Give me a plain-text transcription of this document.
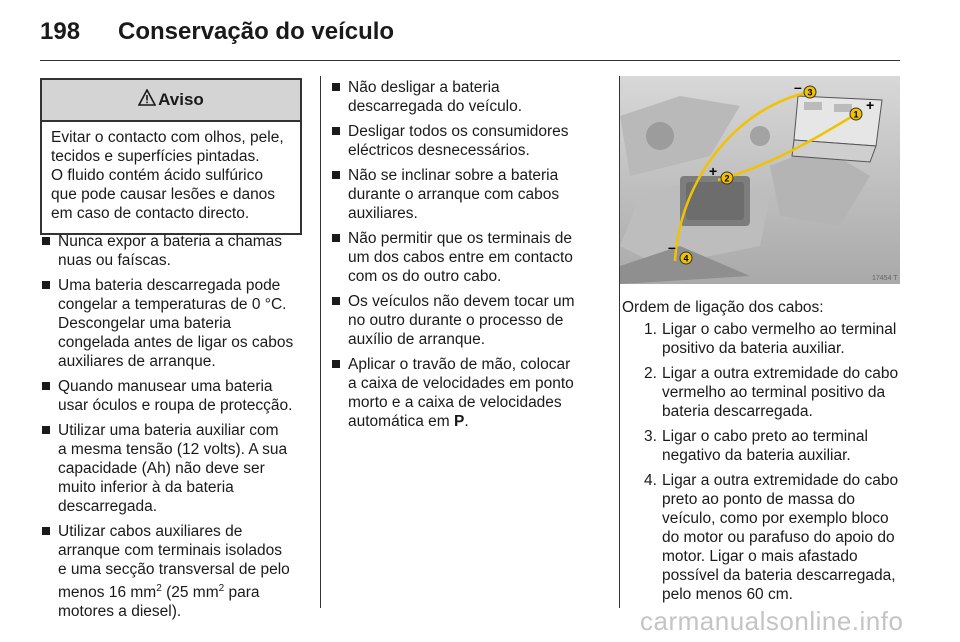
198 Conservação do veículo
Aviso
Evitar o contacto com olhos, pele,
tecidos e superfícies pintadas.
O fluido contém ácido sulfúrico
que pode causar lesões e danos
em caso de contacto directo.
Nunca expor a bateria a chamas
nuas ou faíscas.
Uma bateria descarregada pode
congelar a temperaturas de 0 °C.
Descongelar uma bateria
congelada antes de ligar os cabos
auxiliares de arranque.
Quando manusear uma bateria
usar óculos e roupa de protecção.
Utilizar uma bateria auxiliar com
a mesma tensão (12 volts). A sua
capacidade (Ah) não deve ser
muito inferior à da bateria
descarregada.
Utilizar cabos auxiliares de
arranque com terminais isolados
e uma secção transversal de pelo
menos 16 $mm^2$ (25 $mm^2$ para
motores a diesel).
Não desligar a bateria
descarregada do veículo.
Desligar todos os consumidores
eléctricos desnecessários.
Não se inclinar sobre a bateria
durante o arranque com cabos
auxiliares.
Não permitir que os terminais de
um dos cabos entre em contacto
com os do outro cabo.
Os veículos não devem tocar um
no outro durante o processo de
auxílio de arranque.
Aplicar o travão de mão, colocar
a caixa de velocidades em ponto
morto e a caixa de velocidades
automática em P.
1
2
3
4
+
+
–
–
17454 T
Ordem de ligação dos cabos:
1. Ligar o cabo vermelho ao terminal
positivo da bateria auxiliar.
2. Ligar a outra extremidade do cabo
vermelho ao terminal positivo da
bateria descarregada.
3. Ligar o cabo preto ao terminal
negativo da bateria auxiliar.
4. Ligar a outra extremidade do cabo
preto ao ponto de massa do
veículo, como por exemplo bloco
do motor ou parafuso do apoio do
motor. Ligar o mais afastado
possível da bateria descarregada,
pelo menos 60 cm.
carmanualsonline.info
